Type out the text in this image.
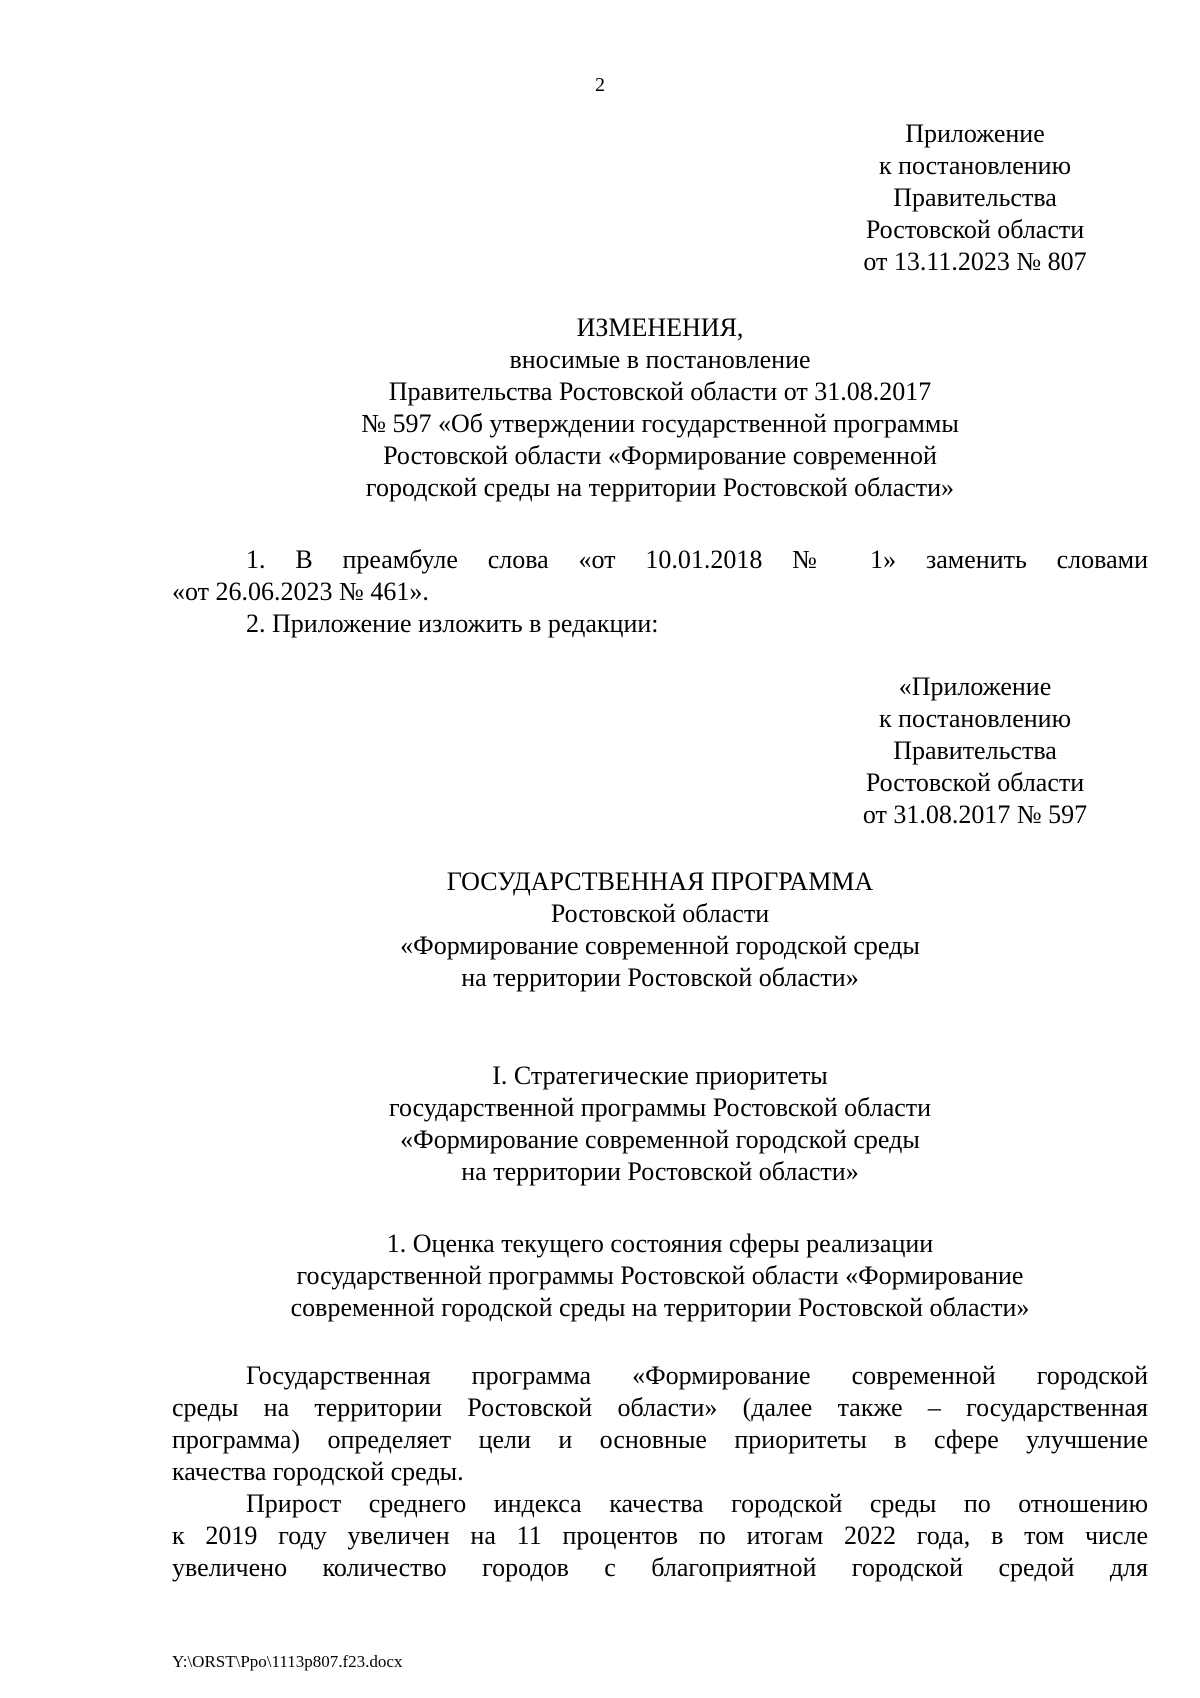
2
Приложение
к постановлению
Правительства
Ростовской области
от 13.11.2023 № 807
ИЗМЕНЕНИЯ,
вносимые в постановление
Правительства Ростовской области от 31.08.2017
№ 597 «Об утверждении государственной программы
Ростовской области «Формирование современной
городской среды на территории Ростовской области»
1. В преамбуле слова «от 10.01.2018 № 1» заменить словами
«от 26.06.2023 № 461».
2. Приложение изложить в редакции:
«Приложение
к постановлению
Правительства
Ростовской области
от 31.08.2017 № 597
ГОСУДАРСТВЕННАЯ ПРОГРАММА
Ростовской области
«Формирование современной городской среды
на территории Ростовской области»
I. Стратегические приоритеты
государственной программы Ростовской области
«Формирование современной городской среды
на территории Ростовской области»
1. Оценка текущего состояния сферы реализации
государственной программы Ростовской области «Формирование
современной городской среды на территории Ростовской области»
Государственная программа «Формирование современной городской
среды на территории Ростовской области» (далее также – государственная
программа) определяет цели и основные приоритеты в сфере улучшение
качества городской среды.
Прирост среднего индекса качества городской среды по отношению
к 2019 году увеличен на 11 процентов по итогам 2022 года, в том числе
увеличено количество городов с благоприятной городской средой для
Y:\ORST\Ppo\1113p807.f23.docx
